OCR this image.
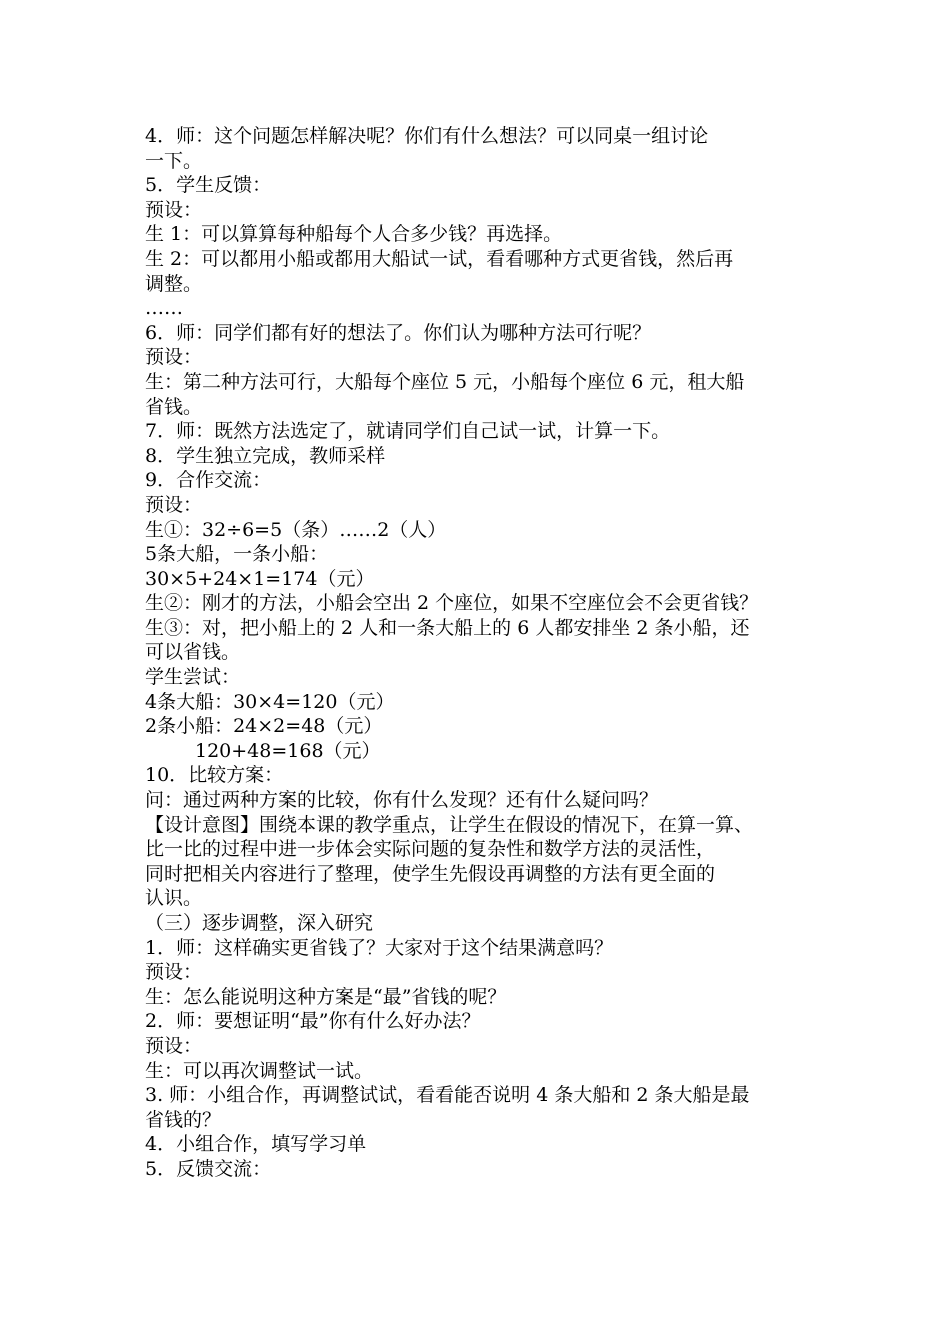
4．师：这个问题怎样解决呢？你们有什么想法？可以同桌一组讨论
一下。
5．学生反馈：
预设：
生 1：可以算算每种船每个人合多少钱？再选择。
生 2：可以都用小船或都用大船试一试，看看哪种方式更省钱，然后再
调整。
……
6．师：同学们都有好的想法了。你们认为哪种方法可行呢？
预设：
生：第二种方法可行，大船每个座位 5 元，小船每个座位 6 元，租大船
省钱。
7．师：既然方法选定了，就请同学们自己试一试，计算一下。
8．学生独立完成，教师采样
9．合作交流：
预设：
生①：32÷6=5（条）……2（人）
5条大船，一条小船：
30×5+24×1=174（元）
生②：刚才的方法，小船会空出 2 个座位，如果不空座位会不会更省钱？
生③：对，把小船上的 2 人和一条大船上的 6 人都安排坐 2 条小船，还
可以省钱。
学生尝试：
4条大船：30×4=120（元）
2条小船：24×2=48（元）
120+48=168（元）
10．比较方案：
问：通过两种方案的比较，你有什么发现？还有什么疑问吗？
【设计意图】围绕本课的教学重点，让学生在假设的情况下，在算一算、
比一比的过程中进一步体会实际问题的复杂性和数学方法的灵活性，
同时把相关内容进行了整理，使学生先假设再调整的方法有更全面的
认识。
（三）逐步调整，深入研究
1．师：这样确实更省钱了？大家对于这个结果满意吗？
预设：
生：怎么能说明这种方案是“最”省钱的呢？
2．师：要想证明“最”你有什么好办法？
预设：
生：可以再次调整试一试。
3. 师：小组合作，再调整试试，看看能否说明 4 条大船和 2 条大船是最
省钱的？
4．小组合作，填写学习单
5．反馈交流：
